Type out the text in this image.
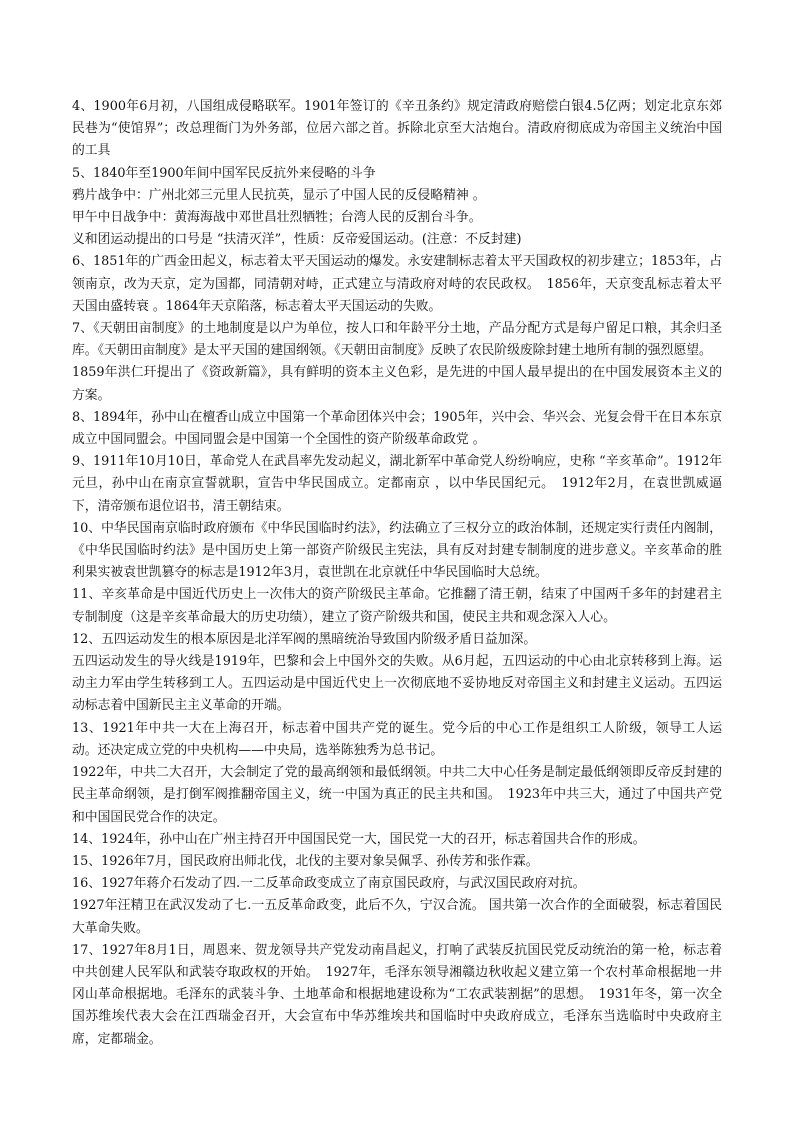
4、1900年6月初，八国组成侵略联军。1901年签订的《辛丑条约》规定清政府赔偿白银4.5亿两；划定北京东郊民巷为“使馆界”；改总理衙门为外务部，位居六部之首。拆除北京至大沽炮台。清政府彻底成为帝国主义统治中国的工具

5、1840年至1900年间中国军民反抗外来侵略的斗争

鸦片战争中：广州北郊三元里人民抗英，显示了中国人民的反侵略精神 。

甲午中日战争中：黄海海战中邓世昌壮烈牺牲；台湾人民的反割台斗争。

义和团运动提出的口号是 “扶清灭洋”，性质：反帝爱国运动。(注意：不反封建)

6、1851年的广西金田起义，标志着太平天国运动的爆发。永安建制标志着太平天国政权的初步建立；1853年，占领南京，改为天京，定为国都，同清朝对峙，正式建立与清政府对峙的农民政权。　1856年，天京变乱标志着太平天国由盛转衰 。1864年天京陷落，标志着太平天国运动的失败。

7、《天朝田亩制度》的土地制度是以户为单位，按人口和年龄平分土地，产品分配方式是每户留足口粮，其余归圣库。《天朝田亩制度》是太平天国的建国纲领。《天朝田亩制度》反映了农民阶级废除封建土地所有制的强烈愿望。

1859年洪仁玕提出了《资政新篇》，具有鲜明的资本主义色彩，是先进的中国人最早提出的在中国发展资本主义的方案。

8、1894年，孙中山在檀香山成立中国第一个革命团体兴中会；1905年，兴中会、华兴会、光复会骨干在日本东京成立中国同盟会。中国同盟会是中国第一个全国性的资产阶级革命政党 。

9、1911年10月10日，革命党人在武昌率先发动起义，湖北新军中革命党人纷纷响应，史称 “辛亥革命”。1912年元旦，孙中山在南京宣誓就职，宣告中华民国成立。定都南京 ，以中华民国纪元。　1912年2月，在袁世凯威逼下，清帝颁布退位诏书，清王朝结束。

10、中华民国南京临时政府颁布《中华民国临时约法》，约法确立了三权分立的政治体制，还规定实行责任内阁制，《中华民国临时约法》是中国历史上第一部资产阶级民主宪法，具有反对封建专制制度的进步意义。辛亥革命的胜利果实被袁世凯篡夺的标志是1912年3月，袁世凯在北京就任中华民国临时大总统。

11、辛亥革命是中国近代历史上一次伟大的资产阶级民主革命。它推翻了清王朝，结束了中国两千多年的封建君主专制制度（这是辛亥革命最大的历史功绩），建立了资产阶级共和国，使民主共和观念深入人心。

12、五四运动发生的根本原因是北洋军阀的黑暗统治导致国内阶级矛盾日益加深。

五四运动发生的导火线是1919年，巴黎和会上中国外交的失败。从6月起，五四运动的中心由北京转移到上海。运动主力军由学生转移到工人。五四运动是中国近代史上一次彻底地不妥协地反对帝国主义和封建主义运动。五四运动标志着中国新民主主义革命的开端。

13、1921年中共一大在上海召开，标志着中国共产党的诞生。党今后的中心工作是组织工人阶级，领导工人运动。还决定成立党的中央机构——中央局，选举陈独秀为总书记。

1922年，中共二大召开，大会制定了党的最高纲领和最低纲领。中共二大中心任务是制定最低纲领即反帝反封建的民主革命纲领，是打倒军阀推翻帝国主义，统一中国为真正的民主共和国。　1923年中共三大，通过了中国共产党和中国国民党合作的决定。

14、1924年，孙中山在广州主持召开中国国民党一大，国民党一大的召开，标志着国共合作的形成。

15、1926年7月，国民政府出师北伐，北伐的主要对象吴佩孚、孙传芳和张作霖。

16、1927年蒋介石发动了四.一二反革命政变成立了南京国民政府，与武汉国民政府对抗。

1927年汪精卫在武汉发动了七.一五反革命政变，此后不久，宁汉合流。 国共第一次合作的全面破裂，标志着国民大革命失败。

17、1927年8月1日，周恩来、贺龙领导共产党发动南昌起义，打响了武装反抗国民党反动统治的第一枪，标志着中共创建人民军队和武装夺取政权的开始。　1927年，毛泽东领导湘赣边秋收起义建立第一个农村革命根据地一井冈山革命根据地。毛泽东的武装斗争、土地革命和根据地建设称为“工农武装割据”的思想。　1931年冬，第一次全国苏维埃代表大会在江西瑞金召开，大会宣布中华苏维埃共和国临时中央政府成立，毛泽东当选临时中央政府主席，定都瑞金。
